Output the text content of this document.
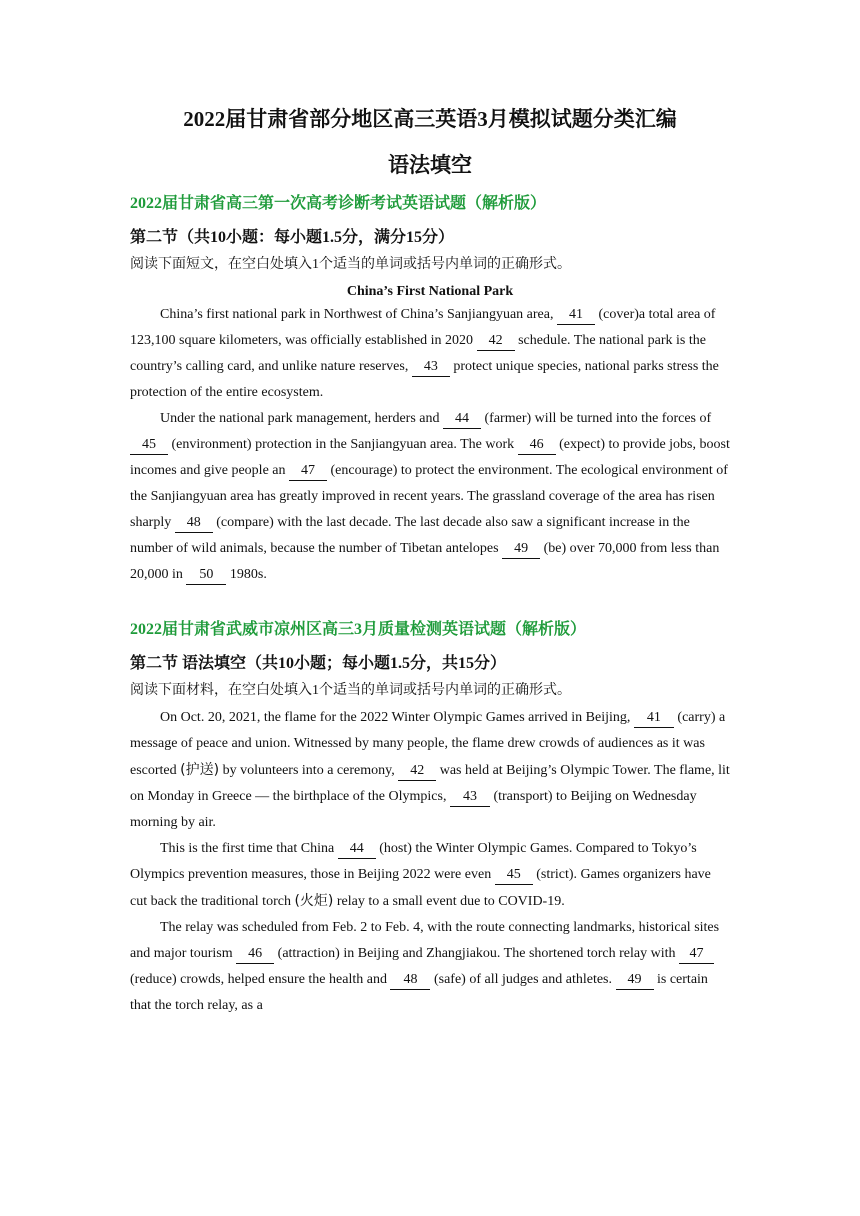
2022届甘肃省部分地区高三英语3月模拟试题分类汇编
语法填空
2022届甘肃省高三第一次高考诊断考试英语试题（解析版）
第二节（共10小题：每小题1.5分，满分15分）
阅读下面短文，在空白处填入1个适当的单词或括号内单词的正确形式。
China’s First National Park

China’s first national park in Northwest of China’s Sanjiangyuan area, 41 (cover)a total area of 123,100 square kilometers, was officially established in 2020 42 schedule. The national park is the country’s calling card, and unlike nature reserves, 43 protect unique species, national parks stress the protection of the entire ecosystem.

Under the national park management, herders and 44 (farmer) will be turned into the forces of 45 (environment) protection in the Sanjiangyuan area. The work 46 (expect) to provide jobs, boost incomes and give people an 47 (encourage) to protect the environment. The ecological environment of the Sanjiangyuan area has greatly improved in recent years. The grassland coverage of the area has risen sharply 48 (compare) with the last decade. The last decade also saw a significant increase in the number of wild animals, because the number of Tibetan antelopes 49 (be) over 70,000 from less than 20,000 in 50 1980s.

2022届甘肃省武威市凉州区高三3月质量检测英语试题（解析版）
第二节 语法填空（共10小题；每小题1.5分，共15分）
阅读下面材料，在空白处填入1个适当的单词或括号内单词的正确形式。

On Oct. 20, 2021, the flame for the 2022 Winter Olympic Games arrived in Beijing, 41 (carry) a message of peace and union. Witnessed by many people, the flame drew crowds of audiences as it was escorted (护送) by volunteers into a ceremony, 42 was held at Beijing’s Olympic Tower. The flame, lit on Monday in Greece — the birthplace of the Olympics, 43 (transport) to Beijing on Wednesday morning by air.

This is the first time that China 44 (host) the Winter Olympic Games. Compared to Tokyo’s Olympics prevention measures, those in Beijing 2022 were even 45 (strict). Games organizers have cut back the traditional torch (火炬) relay to a small event due to COVID-19.

The relay was scheduled from Feb. 2 to Feb. 4, with the route connecting landmarks, historical sites and major tourism 46 (attraction) in Beijing and Zhangjiakou. The shortened torch relay with 47 (reduce) crowds, helped ensure the health and 48 (safe) of all judges and athletes. 49 is certain that the torch relay, as a
